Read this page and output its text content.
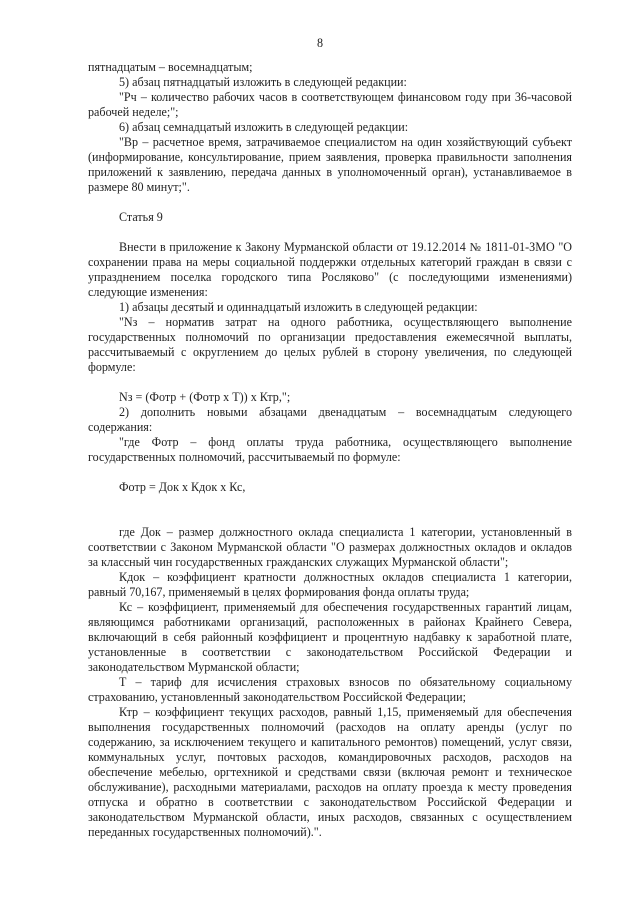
8

пятнадцатым – восемнадцатым;

5) абзац пятнадцатый изложить в следующей редакции:

"Рч – количество рабочих часов в соответствующем финансовом году при 36-часовой рабочей неделе;";

6) абзац семнадцатый изложить в следующей редакции:

"Вр – расчетное время, затрачиваемое специалистом на один хозяйствующий субъект (информирование, консультирование, прием заявления, проверка правильности заполнения приложений к заявлению, передача данных в уполномоченный орган), устанавливаемое в размере 80 минут;".

Статья 9

Внести в приложение к Закону Мурманской области от 19.12.2014 № 1811-01-ЗМО "О сохранении права на меры социальной поддержки отдельных категорий граждан в связи с упразднением поселка городского типа Росляково" (с последующими изменениями) следующие изменения:

1) абзацы десятый и одиннадцатый изложить в следующей редакции:

"Nз – норматив затрат на одного работника, осуществляющего выполнение государственных полномочий по организации предоставления ежемесячной выплаты, рассчитываемый с округлением до целых рублей в сторону увеличения, по следующей формуле:

Nз = (Фотр + (Фотр х Т)) х Ктр,";

2) дополнить новыми абзацами двенадцатым – восемнадцатым следующего содержания:

"где Фотр – фонд оплаты труда работника, осуществляющего выполнение государственных полномочий, рассчитываемый по формуле:

Фотр = Док х Кдок х Кс,

где Док – размер должностного оклада специалиста 1 категории, установленный в соответствии с Законом Мурманской области "О размерах должностных окладов и окладов за классный чин государственных гражданских служащих Мурманской области";

Кдок – коэффициент кратности должностных окладов специалиста 1 категории, равный 70,167, применяемый в целях формирования фонда оплаты труда;

Кс – коэффициент, применяемый для обеспечения государственных гарантий лицам, являющимся работниками организаций, расположенных в районах Крайнего Севера, включающий в себя районный коэффициент и процентную надбавку к заработной плате, установленные в соответствии с законодательством Российской Федерации и законодательством Мурманской области;

Т – тариф для исчисления страховых взносов по обязательному социальному страхованию, установленный законодательством Российской Федерации;

Ктр – коэффициент текущих расходов, равный 1,15, применяемый для обеспечения выполнения государственных полномочий (расходов на оплату аренды (услуг по содержанию, за исключением текущего и капитального ремонтов) помещений, услуг связи, коммунальных услуг, почтовых расходов, командировочных расходов, расходов на обеспечение мебелью, оргтехникой и средствами связи (включая ремонт и техническое обслуживание), расходными материалами, расходов на оплату проезда к месту проведения отпуска и обратно в соответствии с законодательством Российской Федерации и законодательством Мурманской области, иных расходов, связанных с осуществлением переданных государственных полномочий).".
